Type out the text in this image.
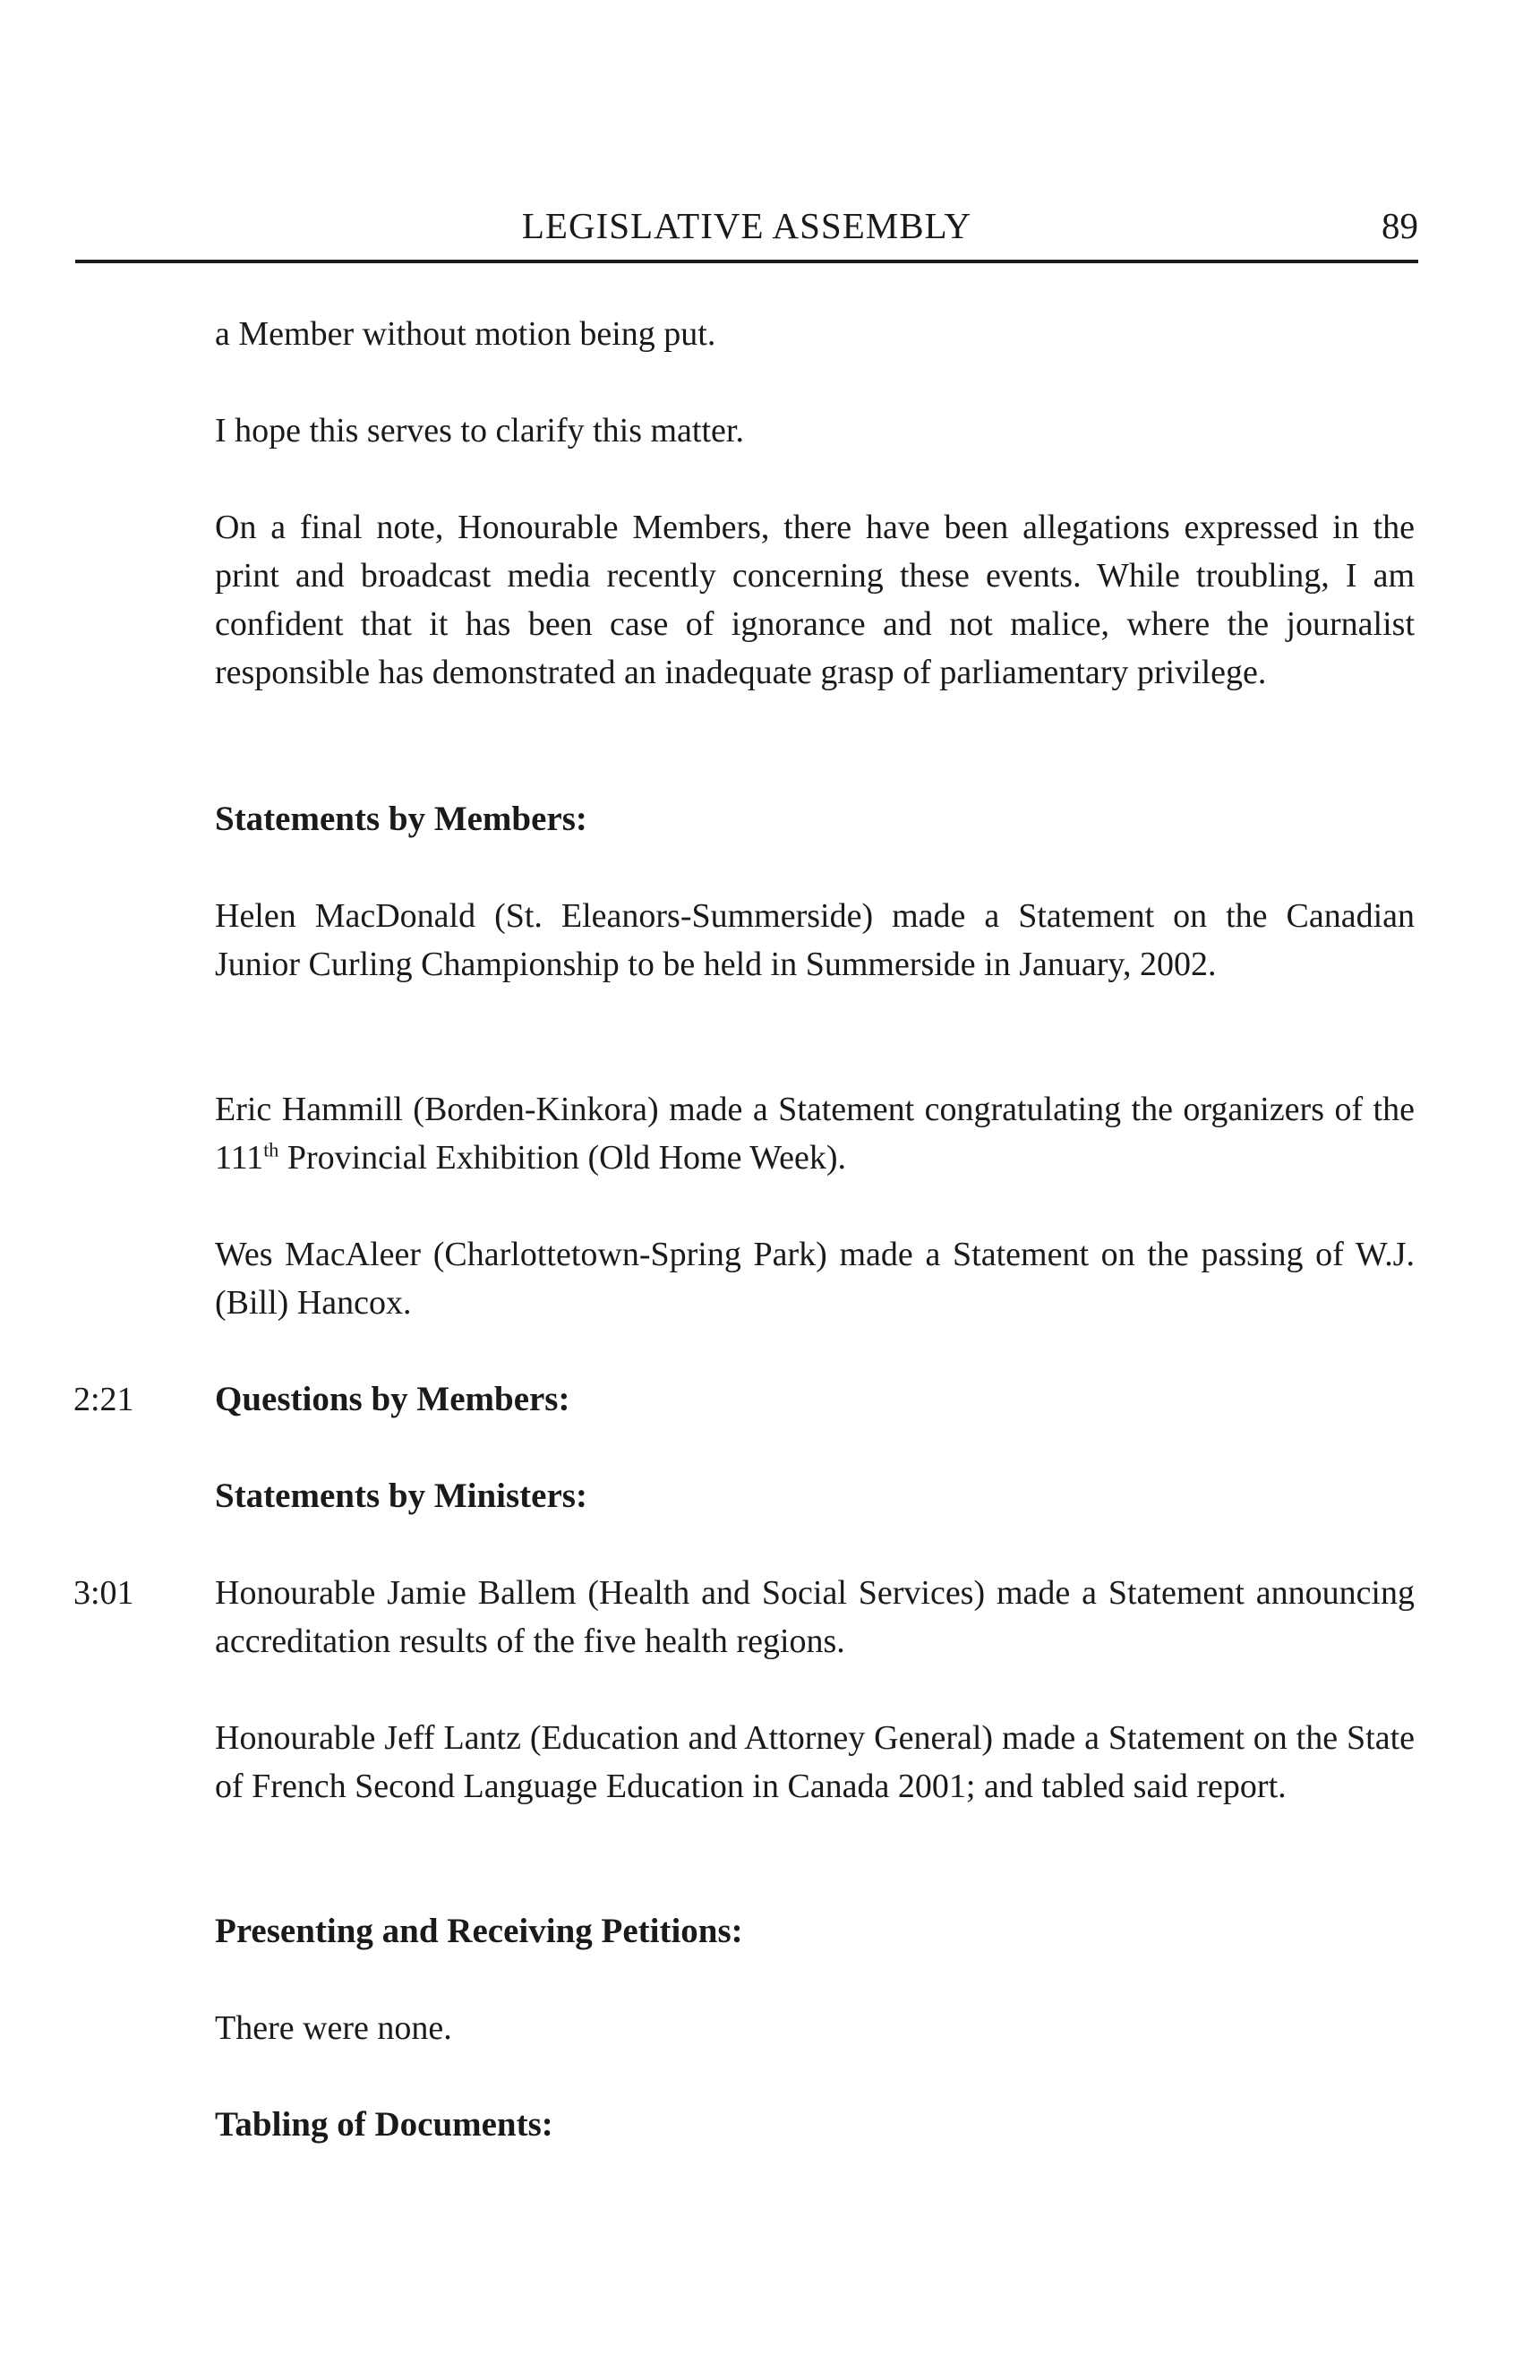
LEGISLATIVE ASSEMBLY	89
a Member without motion being put.
I hope this serves to clarify this matter.
On a final note, Honourable Members, there have been allegations expressed in the print and broadcast media recently concerning these events. While troubling, I am confident that it has been case of ignorance and not malice, where the journalist responsible has demonstrated an inadequate grasp of parliamentary privilege.
Statements by Members:
Helen MacDonald (St. Eleanors-Summerside) made a Statement on the Canadian Junior Curling Championship to be held in Summerside in January, 2002.
Eric Hammill (Borden-Kinkora) made a Statement congratulating the organizers of the 111th Provincial Exhibition (Old Home Week).
Wes MacAleer (Charlottetown-Spring Park) made a Statement on the passing of W.J. (Bill) Hancox.
2:21 Questions by Members:
Statements by Ministers:
3:01 Honourable Jamie Ballem (Health and Social Services) made a Statement announcing accreditation results of the five health regions.
Honourable Jeff Lantz (Education and Attorney General) made a Statement on the State of French Second Language Education in Canada 2001; and tabled said report.
Presenting and Receiving Petitions:
There were none.
Tabling of Documents:
